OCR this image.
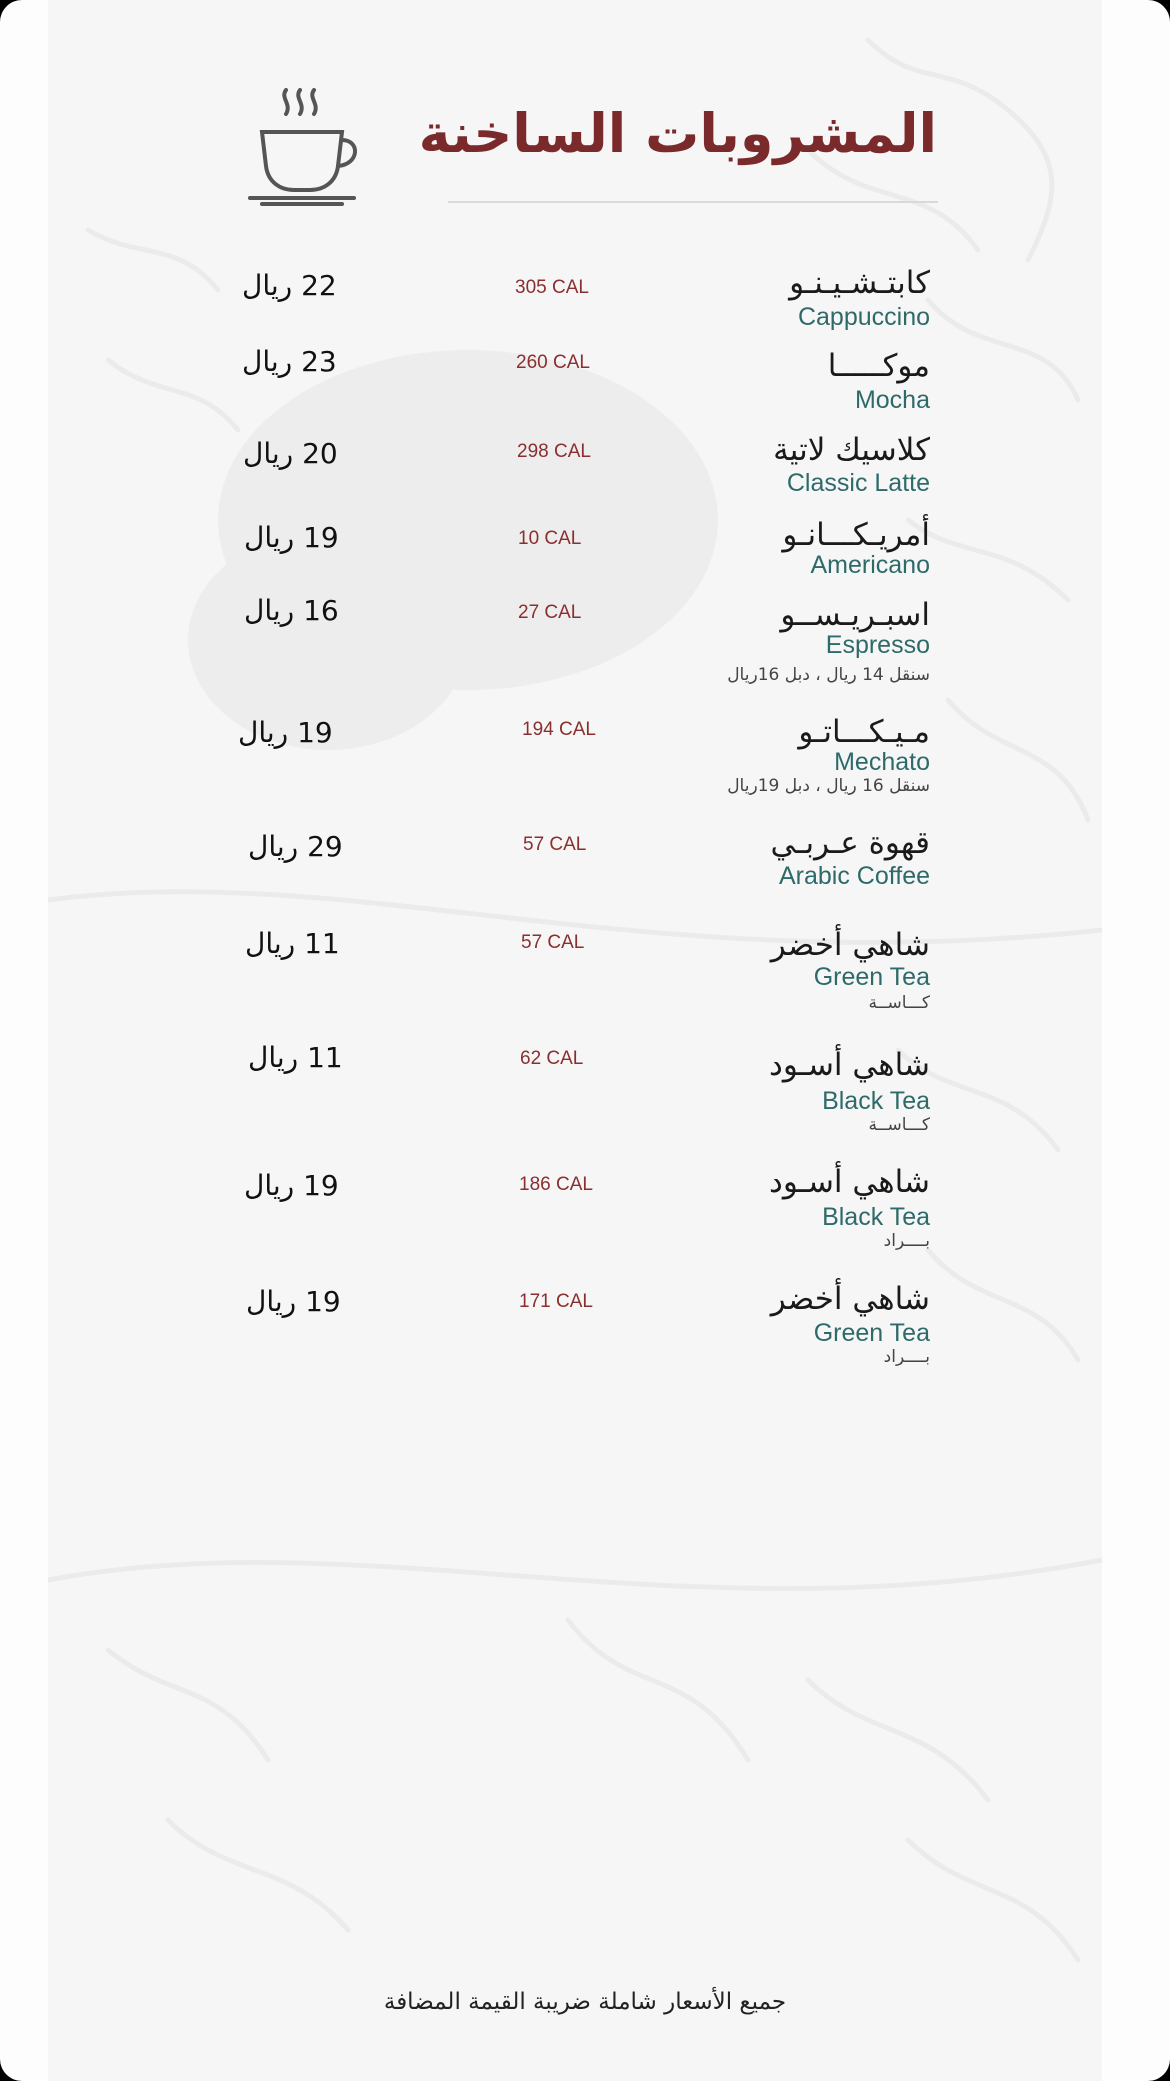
المشروبات الساخنة
كابتـشـيـنـو
Cappuccino
305 CAL
22 ريال
موكـــــا
Mocha
260 CAL
23 ريال
كلاسيك لاتية
Classic Latte
298 CAL
20 ريال
أمريـكـــانـو
Americano
10 CAL
19 ريال
اسبـريـســو
Espresso
سنقل 14 ريال ، دبل 16ريال
27 CAL
16 ريال
مـيـكـــاتـو
Mechato
سنقل 16 ريال ، دبل 19ريال
194 CAL
19 ريال
قهوة عـربـي
Arabic Coffee
57 CAL
29 ريال
شاهي أخضر
Green Tea
كـــاســة
57 CAL
11 ريال
شاهي أسـود
Black Tea
كـــاســة
62 CAL
11 ريال
شاهي أسـود
Black Tea
بــــراد
186 CAL
19 ريال
شاهي أخضر
Green Tea
بــــراد
171 CAL
19 ريال
جميع الأسعار شاملة ضريبة القيمة المضافة
